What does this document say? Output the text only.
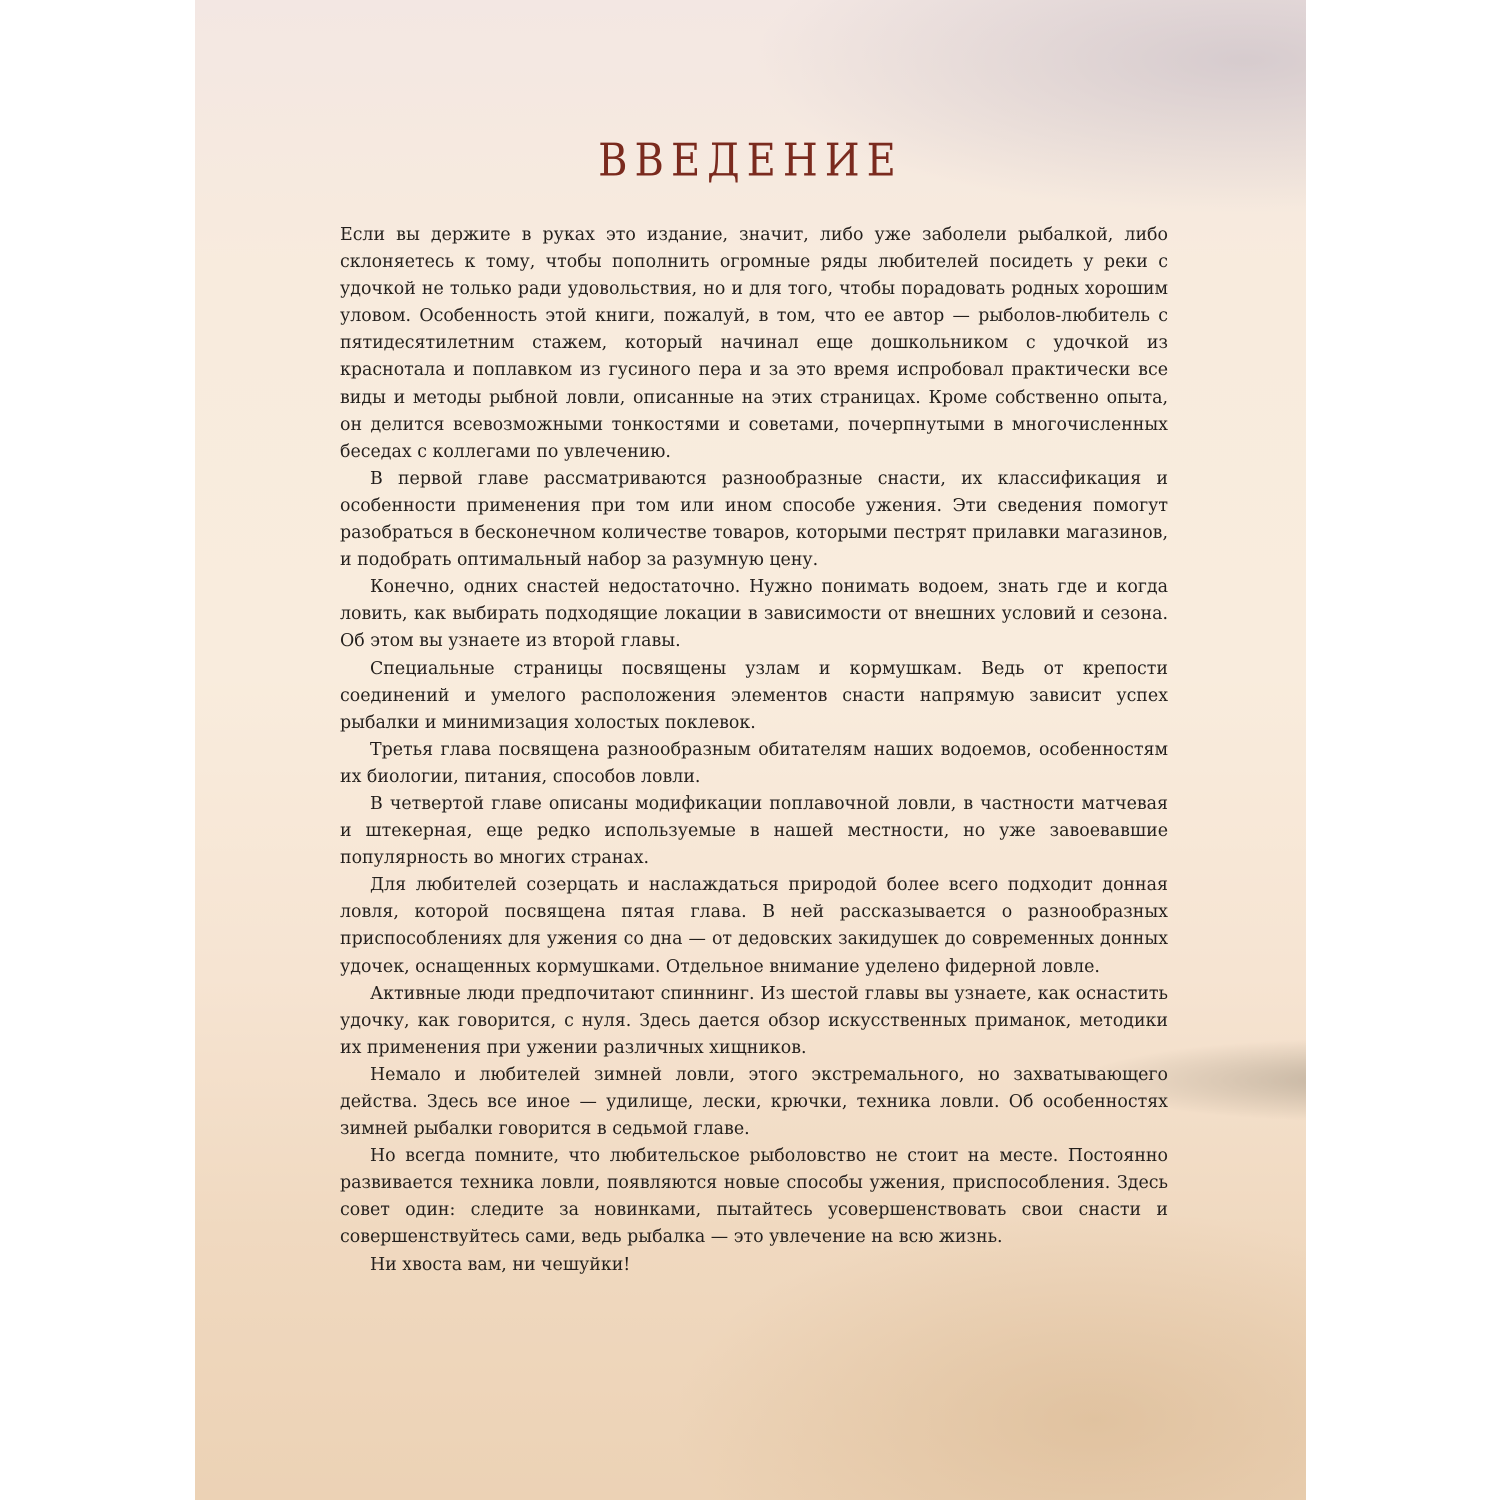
ВВЕДЕНИЕ

Если вы держите в руках это издание, значит, либо уже заболели рыбалкой, либо склоняетесь к тому, чтобы пополнить огромные ряды любителей посидеть у реки с удочкой не только ради удовольствия, но и для того, чтобы порадовать родных хорошим уловом. Особенность этой книги, пожалуй, в том, что ее автор — рыболов-любитель с пятидесятилетним стажем, который начинал еще дошкольником с удочкой из краснотала и поплавком из гусиного пера и за это время испробовал практически все виды и методы рыбной ловли, описанные на этих страницах. Кроме собственно опыта, он делится всевозможными тонкостями и советами, почерпнутыми в многочисленных беседах с коллегами по увлечению.

В первой главе рассматриваются разнообразные снасти, их классификация и особенности применения при том или ином способе ужения. Эти сведения помогут разобраться в бесконечном количестве товаров, которыми пестрят прилавки магазинов, и подобрать оптимальный набор за разумную цену.

Конечно, одних снастей недостаточно. Нужно понимать водоем, знать где и когда ловить, как выбирать подходящие локации в зависимости от внешних условий и сезона. Об этом вы узнаете из второй главы.

Специальные страницы посвящены узлам и кормушкам. Ведь от крепости соединений и умелого расположения элементов снасти напрямую зависит успех рыбалки и минимизация холостых поклевок.

Третья глава посвящена разнообразным обитателям наших водоемов, особенностям их биологии, питания, способов ловли.

В четвертой главе описаны модификации поплавочной ловли, в частности матчевая и штекерная, еще редко используемые в нашей местности, но уже завоевавшие популярность во многих странах.

Для любителей созерцать и наслаждаться природой более всего подходит донная ловля, которой посвящена пятая глава. В ней рассказывается о разнообразных приспособлениях для ужения со дна — от дедовских закидушек до современных донных удочек, оснащенных кормушками. Отдельное внимание уделено фидерной ловле.

Активные люди предпочитают спиннинг. Из шестой главы вы узнаете, как оснастить удочку, как говорится, с нуля. Здесь дается обзор искусственных приманок, методики их применения при ужении различных хищников.

Немало и любителей зимней ловли, этого экстремального, но захватывающего действа. Здесь все иное — удилище, лески, крючки, техника ловли. Об особенностях зимней рыбалки говорится в седьмой главе.

Но всегда помните, что любительское рыболовство не стоит на месте. Постоянно развивается техника ловли, появляются новые способы ужения, приспособления. Здесь совет один: следите за новинками, пытайтесь усовершенствовать свои снасти и совершенствуйтесь сами, ведь рыбалка — это увлечение на всю жизнь.

Ни хвоста вам, ни чешуйки!
